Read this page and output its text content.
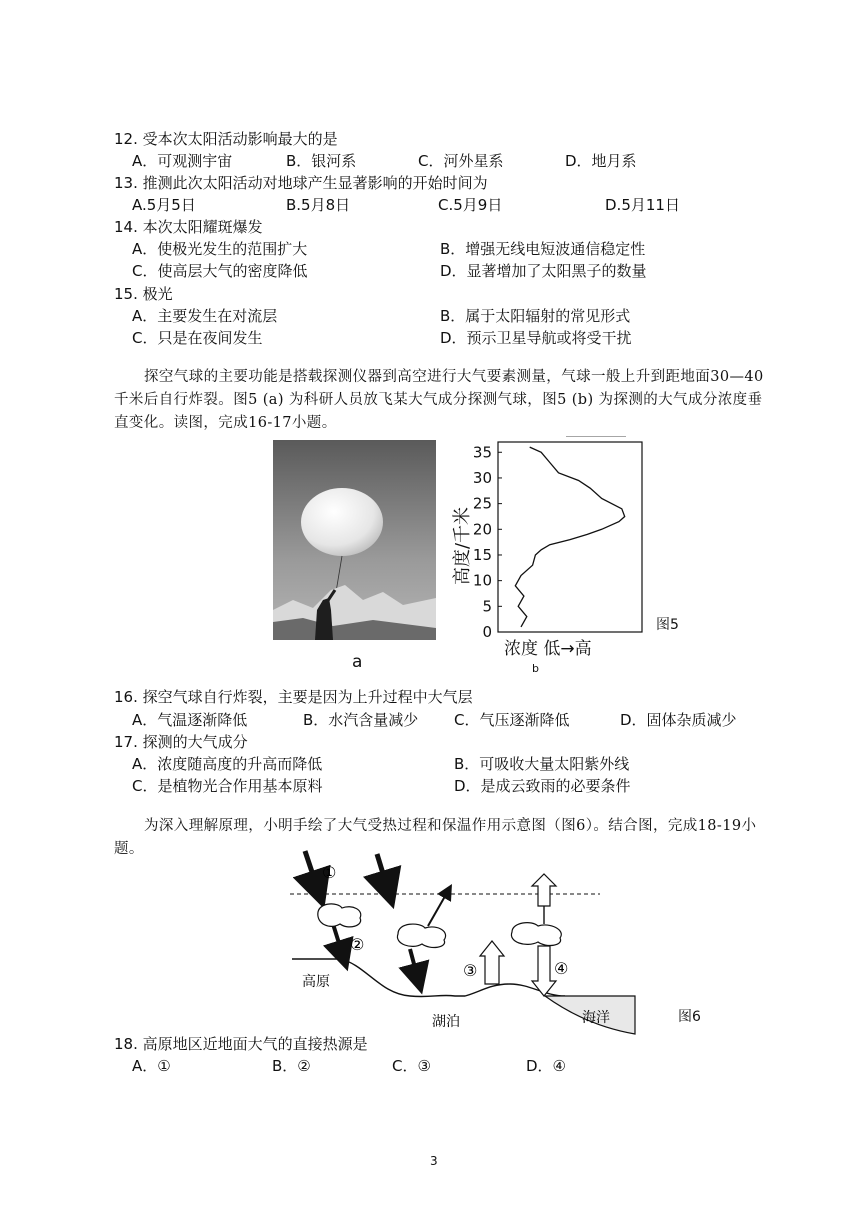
12. 受本次太阳活动影响最大的是
A．可观测宇宙	B．银河系	C．河外星系	D．地月系
13. 推测此次太阳活动对地球产生显著影响的开始时间为
A.5月5日	B.5月8日	C.5月9日	D.5月11日
14. 本次太阳耀斑爆发
A．使极光发生的范围扩大	B．增强无线电短波通信稳定性
C．使高层大气的密度降低	D．显著增加了太阳黑子的数量
15. 极光
A．主要发生在对流层	B．属于太阳辐射的常见形式
C．只是在夜间发生	D．预示卫星导航或将受干扰
探空气球的主要功能是搭载探测仪器到高空进行大气要素测量，气球一般上升到距地面30—40千米后自行炸裂。图5 (a) 为科研人员放飞某大气成分探测气球，图5 (b) 为探测的大气成分浓度垂直变化。读图，完成16-17小题。
a
0
5
10
15
20
25
30
35
高度/千米
浓度 低→高
b
图5
16. 探空气球自行炸裂，主要是因为上升过程中大气层
A．气温逐渐降低	B．水汽含量减少 C．气压逐渐降低	D．固体杂质减少
17. 探测的大气成分
A．浓度随高度的升高而降低	B．可吸收大量太阳紫外线
C．是植物光合作用基本原料	D．是成云致雨的必要条件
为深入理解原理，小明手绘了大气受热过程和保温作用示意图（图6）。结合图，完成18-19小题。
①
②
③	④
高原
湖泊	海洋	图6
18. 高原地区近地面大气的直接热源是
A．①	B．②	C．③	D．④
3
